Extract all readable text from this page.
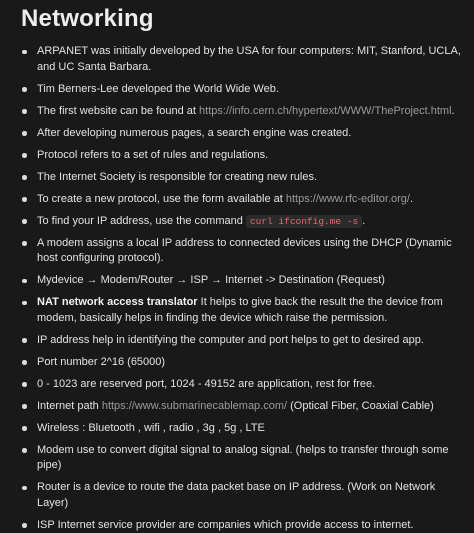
Networking
ARPANET was initially developed by the USA for four computers: MIT, Stanford, UCLA, and UC Santa Barbara.
Tim Berners-Lee developed the World Wide Web.
The first website can be found at https://info.cern.ch/hypertext/WWW/TheProject.html.
After developing numerous pages, a search engine was created.
Protocol refers to a set of rules and regulations.
The Internet Society is responsible for creating new rules.
To create a new protocol, use the form available at https://www.rfc-editor.org/.
To find your IP address, use the command curl ifconfig.me -s .
A modem assigns a local IP address to connected devices using the DHCP (Dynamic host configuring protocol).
Mydevice → Modem/Router → ISP → Internet -> Destination (Request)
NAT network access translator It helps to give back the result the the device from modem, basically helps in finding the device which raise the permission.
IP address help in identifying the computer and port helps to get to desired app.
Port number 2^16 (65000)
0 - 1023 are reserved port, 1024 - 49152 are application, rest for free.
Internet path https://www.submarinecablemap.com/ (Optical Fiber, Coaxial Cable)
Wireless : Bluetooth , wifi , radio , 3g , 5g , LTE
Modem use to convert digital signal to analog signal. (helps to transfer through some pipe)
Router is a device to route the data packet base on IP address. (Work on Network Layer)
ISP Internet service provider are companies which provide access to internet.
